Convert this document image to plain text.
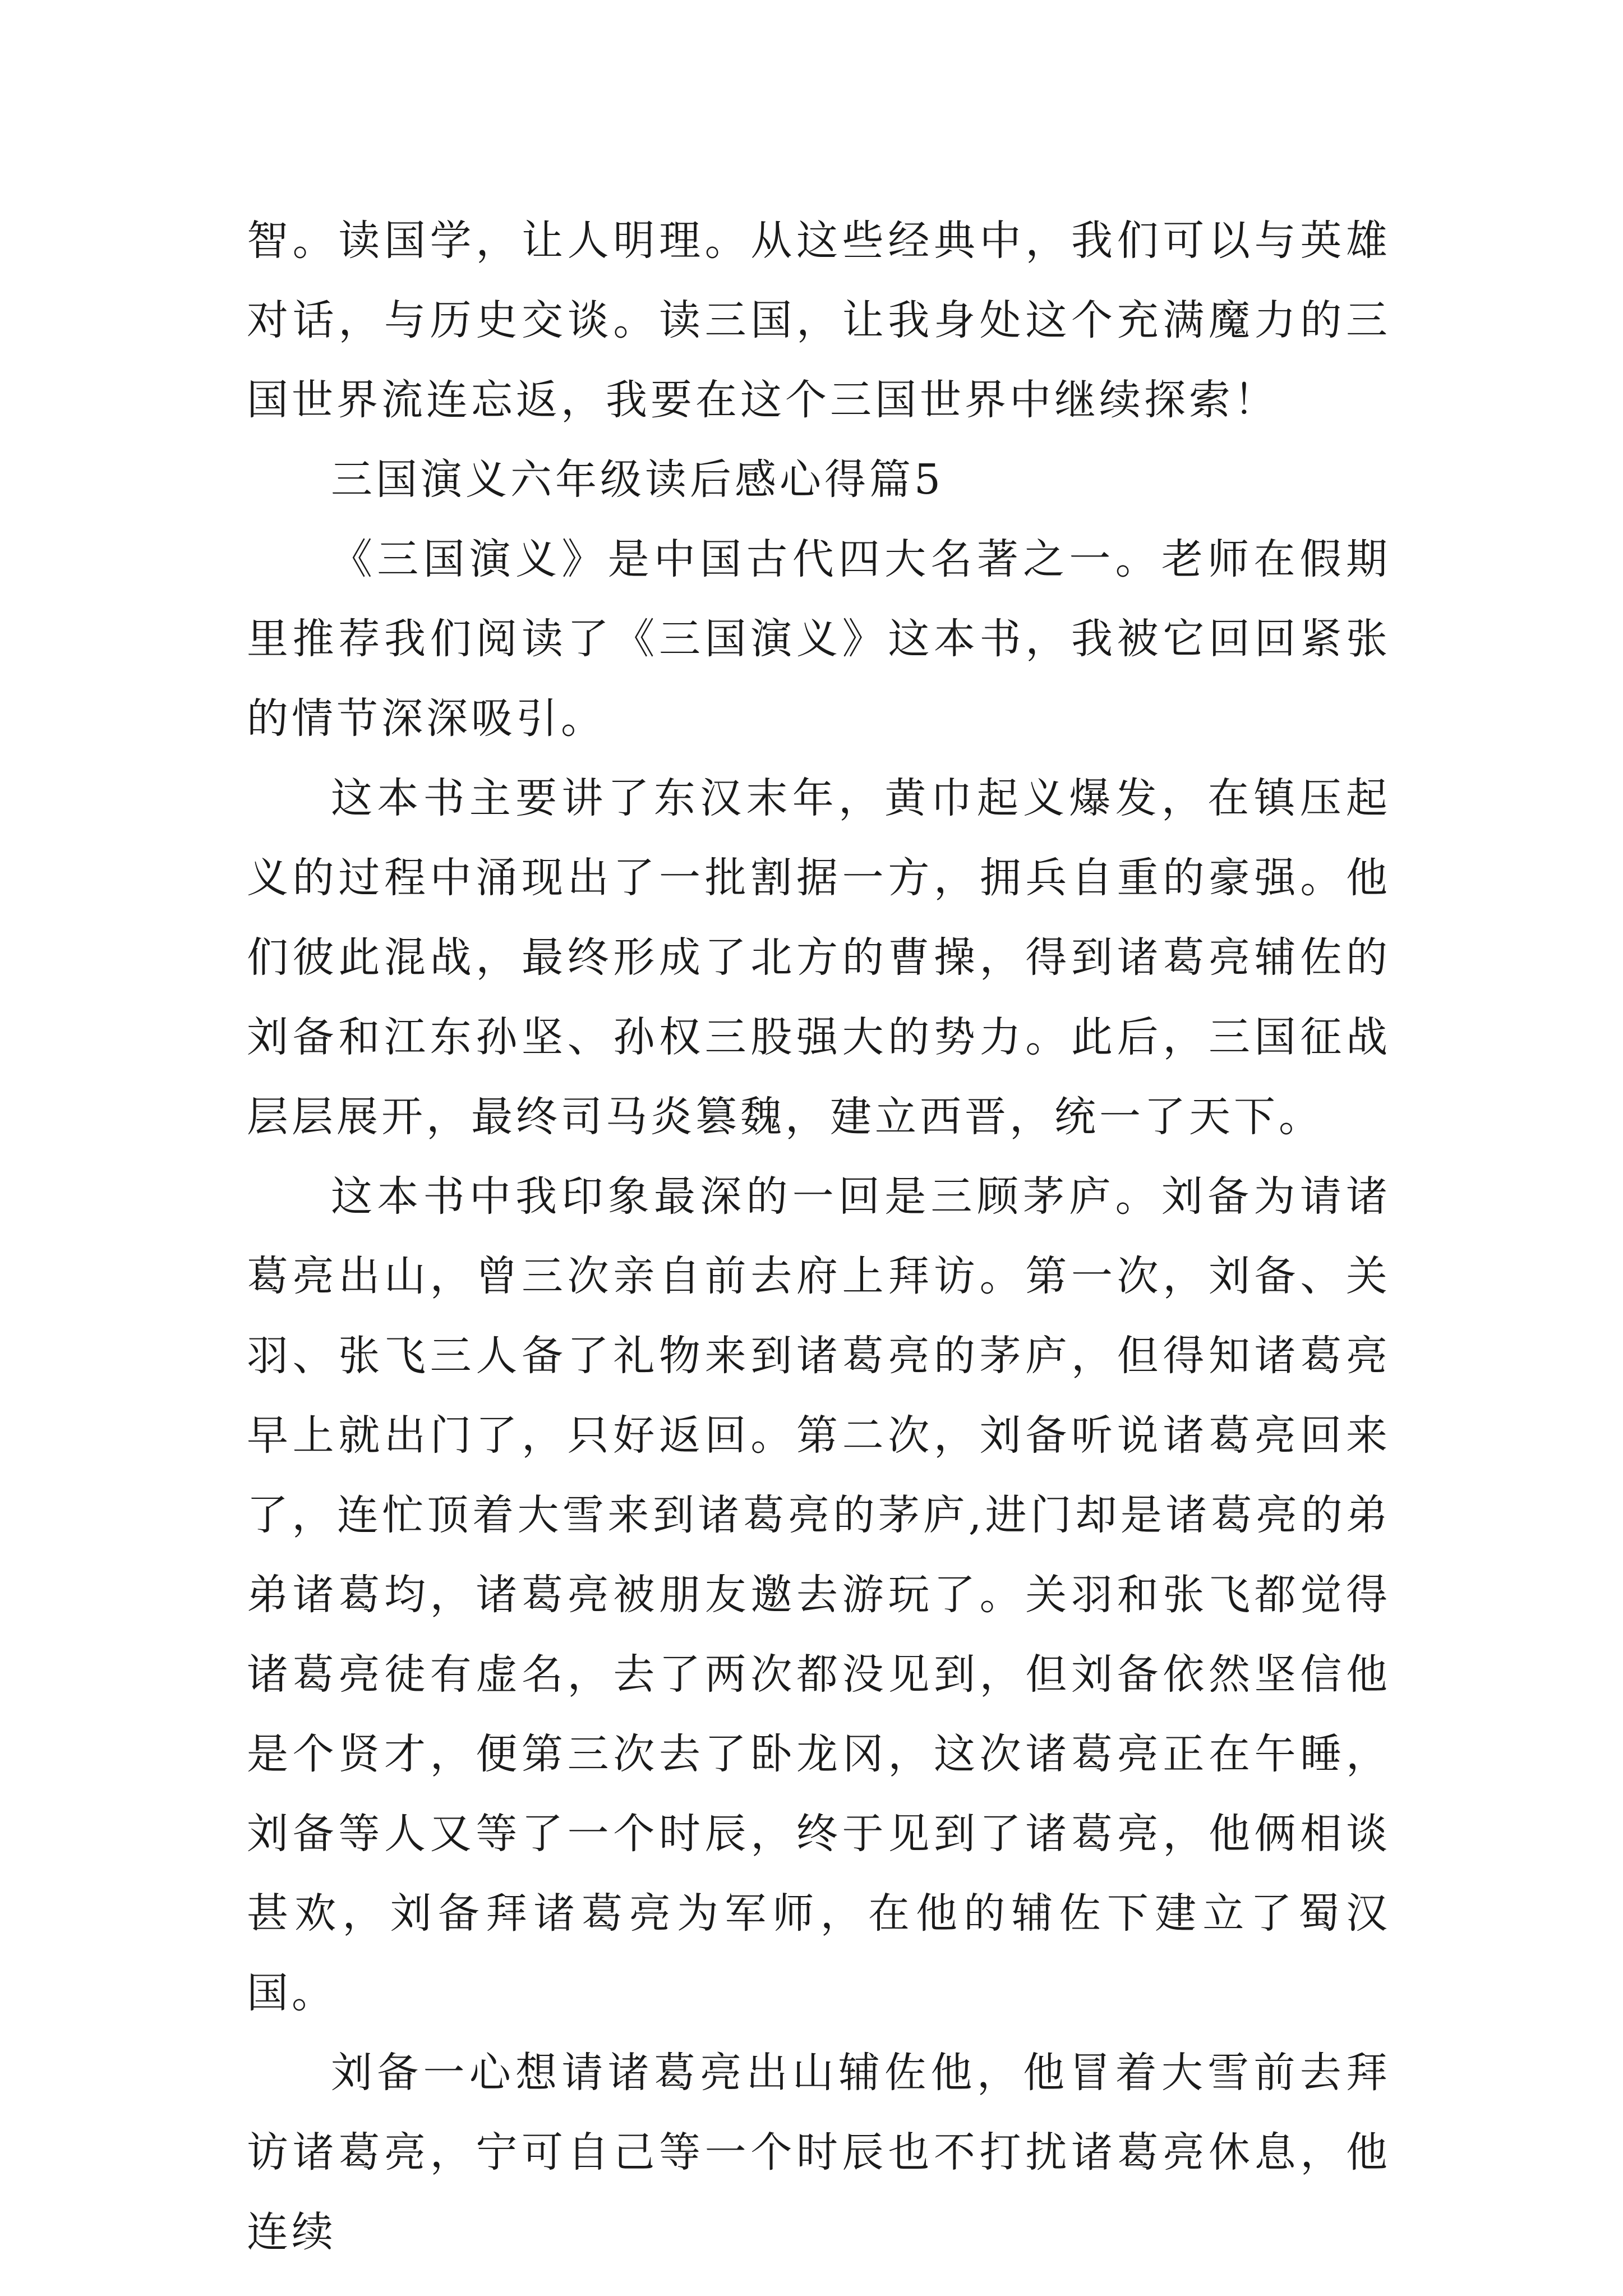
智。读国学，让人明理。从这些经典中，我们可以与英雄对话，与历史交谈。读三国，让我身处这个充满魔力的三国世界流连忘返，我要在这个三国世界中继续探索！

三国演义六年级读后感心得篇5

《三国演义》是中国古代四大名著之一。老师在假期里推荐我们阅读了《三国演义》这本书，我被它回回紧张的情节深深吸引。

这本书主要讲了东汉末年，黄巾起义爆发，在镇压起义的过程中涌现出了一批割据一方，拥兵自重的豪强。他们彼此混战，最终形成了北方的曹操，得到诸葛亮辅佐的刘备和江东孙坚、孙权三股强大的势力。此后，三国征战层层展开，最终司马炎篡魏，建立西晋，统一了天下。

这本书中我印象最深的一回是三顾茅庐。刘备为请诸葛亮出山，曾三次亲自前去府上拜访。第一次，刘备、关羽、张飞三人备了礼物来到诸葛亮的茅庐，但得知诸葛亮早上就出门了，只好返回。第二次，刘备听说诸葛亮回来了，连忙顶着大雪来到诸葛亮的茅庐,进门却是诸葛亮的弟弟诸葛均，诸葛亮被朋友邀去游玩了。关羽和张飞都觉得诸葛亮徒有虚名，去了两次都没见到，但刘备依然坚信他是个贤才，便第三次去了卧龙冈，这次诸葛亮正在午睡，刘备等人又等了一个时辰，终于见到了诸葛亮，他俩相谈甚欢，刘备拜诸葛亮为军师，在他的辅佐下建立了蜀汉国。

刘备一心想请诸葛亮出山辅佐他，他冒着大雪前去拜访诸葛亮，宁可自己等一个时辰也不打扰诸葛亮休息，他连续
